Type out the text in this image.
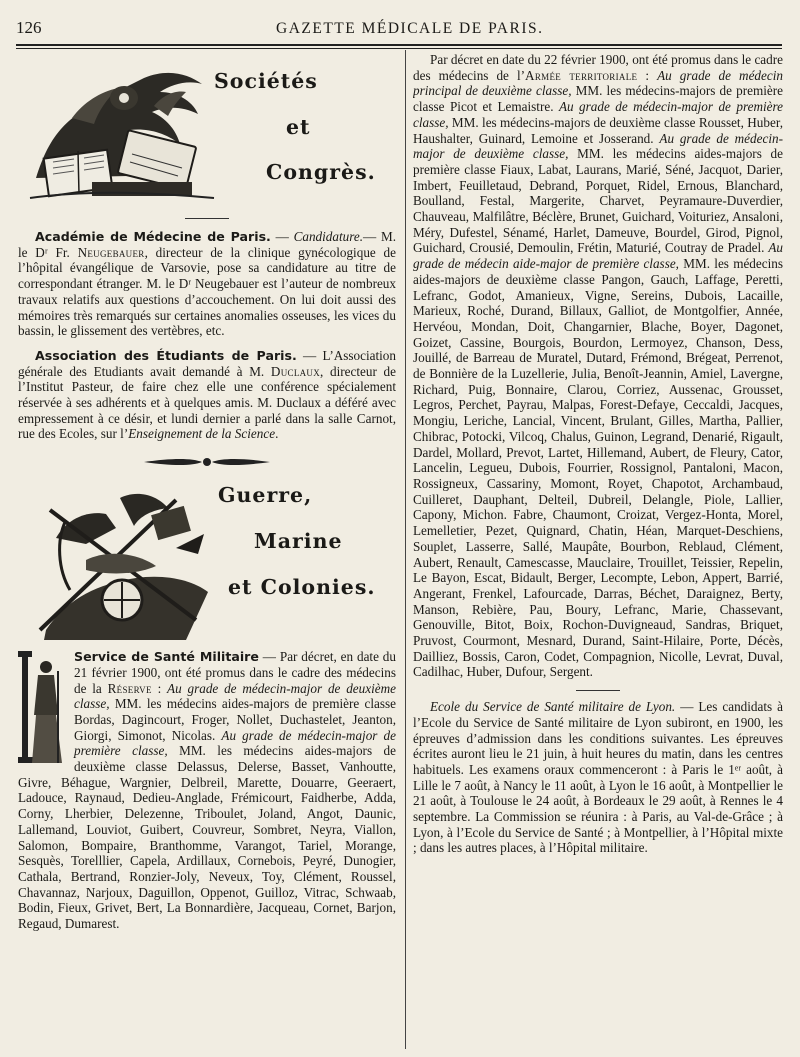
126	GAZETTE MÉDICALE DE PARIS.
Sociétés
et
Congrès.

Académie de Médecine de Paris. — Candidature.— M. le Dʳ Fr. Neugebauer, directeur de la clinique gynécologique de l’hôpital évangélique de Varsovie, pose sa candidature au titre de correspondant étranger. M. le Dʳ Neugebauer est l’auteur de nombreux travaux relatifs aux questions d’accouchement. On lui doit aussi des mémoires très remarqués sur certaines anomalies osseuses, les vices du bassin, le glissement des vertèbres, etc.

Association des Étudiants de Paris. — L’Association générale des Etudiants avait demandé à M. Duclaux, directeur de l’Institut Pasteur, de faire chez elle une conférence spécialement réservée à ses adhérents et à quelques amis. M. Duclaux a déféré avec empressement à ce désir, et lundi dernier a parlé dans la salle Carnot, rue des Ecoles, sur l’Enseignement de la Science.

Guerre,
Marine
et Colonies.

Service de Santé Militaire — Par décret, en date du 21 février 1900, ont été promus dans le cadre des médecins de la Réserve : Au grade de médecin-major de deuxième classe, MM. les médecins aides-majors de première classe Bordas, Dagincourt, Froger, Nollet, Duchastelet, Jeanton, Giorgi, Simonot, Nicolas. Au grade de médecin-major de première classe, MM. les médecins aides-majors de deuxième classe Delassus, Delerse, Basset, Vanhoutte, Givre, Béhague, Wargnier, Delbreil, Marette, Douarre, Geeraert, Ladouce, Raynaud, Dedieu-Anglade, Frémicourt, Faidherbe, Adda, Corny, Lherbier, Delezenne, Triboulet, Joland, Angot, Daunic, Lallemand, Louviot, Guibert, Couvreur, Sombret, Neyra, Viallon, Salomon, Bompaire, Branthomme, Varangot, Tariel, Morange, Sesquès, Torelllier, Capela, Ardillaux, Cornebois, Peyré, Dunogier, Cathala, Bertrand, Ronzier-Joly, Neveux, Toy, Clément, Roussel, Chavannaz, Narjoux, Daguillon, Oppenot, Guilloz, Vitrac, Schwaab, Bodin, Fieux, Grivet, Bert, La Bonnardière, Jacqueau, Cornet, Barjon, Regaud, Dumarest.

Par décret en date du 22 février 1900, ont été promus dans le cadre des médecins de l’Armée territoriale : Au grade de médecin principal de deuxième classe, MM. les médecins-majors de première classe Picot et Lemaistre. Au grade de médecin-major de première classe, MM. les médecins-majors de deuxième classe Rousset, Huber, Haushalter, Guinard, Lemoine et Josserand. Au grade de médecin-major de deuxième classe, MM. les médecins aides-majors de première classe Fiaux, Labat, Laurans, Marié, Séné, Jacquot, Darier, Imbert, Feuilletaud, Debrand, Porquet, Ridel, Ernous, Blanchard, Boulland, Festal, Margerite, Charvet, Peyramaure-Duverdier, Chauveau, Malfilâtre, Béclère, Brunet, Guichard, Voituriez, Ansaloni, Méry, Dufestel, Sénamé, Harlet, Dameuve, Bourdel, Girod, Pignol, Guichard, Crousié, Demoulin, Frétin, Maturié, Coutray de Pradel. Au grade de médecin aide-major de première classe, MM. les médecins aides-majors de deuxième classe Pangon, Gauch, Laffage, Peretti, Lefranc, Godot, Amanieux, Vigne, Sereins, Dubois, Lacaille, Marieux, Roché, Durand, Billaux, Galliot, de Montgolfier, Année, Hervéou, Mondan, Doit, Changarnier, Blache, Boyer, Dagonet, Goizet, Cassine, Bourgois, Bourdon, Lermoyez, Chanson, Dess, Jouillé, de Barreau de Muratel, Dutard, Frémond, Brégeat, Perrenot, de Bonnière de la Luzellerie, Julia, Benoît-Jeannin, Amiel, Lavergne, Richard, Puig, Bonnaire, Clarou, Corriez, Aussenac, Grousset, Legros, Perchet, Payrau, Malpas, Forest-Defaye, Ceccaldi, Jacques, Mongiu, Leriche, Lancial, Vincent, Brulant, Gilles, Martha, Pallier, Chibrac, Potocki, Vilcoq, Chalus, Guinon, Legrand, Denarié, Rigault, Dardel, Mollard, Prevot, Lartet, Hillemand, Aubert, de Fleury, Cator, Lancelin, Legueu, Dubois, Fourrier, Rossignol, Pantaloni, Macon, Rossigneux, Cassariny, Momont, Royet, Chapotot, Archambaud, Cuilleret, Dauphant, Delteil, Dubreil, Delangle, Piole, Lallier, Capony, Michon. Fabre, Chaumont, Croizat, Vergez-Honta, Morel, Lemelletier, Pezet, Quignard, Chatin, Héan, Marquet-Deschiens, Souplet, Lasserre, Sallé, Maupâte, Bourbon, Reblaud, Clément, Aubert, Renault, Camescasse, Mauclaire, Trouillet, Teissier, Repelin, Le Bayon, Escat, Bidault, Berger, Lecompte, Lebon, Appert, Barrié, Angerant, Frenkel, Lafourcade, Darras, Béchet, Daraignez, Berty, Manson, Rebière, Pau, Boury, Lefranc, Marie, Chassevant, Genouville, Bitot, Boix, Rochon-Duvigneaud, Sandras, Briquet, Pruvost, Courmont, Mesnard, Durand, Saint-Hilaire, Porte, Décès, Dailliez, Bossis, Caron, Codet, Compagnion, Nicolle, Levrat, Duval, Cadilhac, Huber, Dufour, Sergent.

Ecole du Service de Santé militaire de Lyon. — Les candidats à l’Ecole du Service de Santé militaire de Lyon subiront, en 1900, les épreuves d’admission dans les conditions suivantes. Les épreuves écrites auront lieu le 21 juin, à huit heures du matin, dans les centres habituels. Les examens oraux commenceront : à Paris le 1ᵉʳ août, à Lille le 7 août, à Nancy le 11 août, à Lyon le 16 août, à Montpellier le 21 août, à Toulouse le 24 août, à Bordeaux le 29 août, à Rennes le 4 septembre. La Commission se réunira : à Paris, au Val-de-Grâce ; à Lyon, à l’Ecole du Service de Santé ; à Montpellier, à l’Hôpital mixte ; dans les autres places, à l’Hôpital militaire.
